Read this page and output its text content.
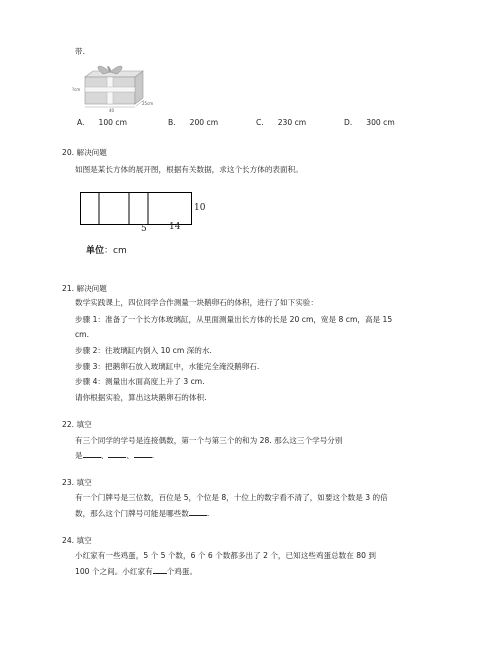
带.
?cm
40
25cm
A. 100 cm	B. 200 cm	C. 230 cm	D. 300 cm
20. 解决问题
如图是某长方体的展开图，根据有关数据，求这个长方体的表面积。
10
5 14
单位：cm
21. 解决问题
数学实践课上，四位同学合作测量一块鹅卵石的体积，进行了如下实验：
步骤 1：准备了一个长方体玻璃缸，从里面测量出长方体的长是 20 cm，宽是 8 cm，高是 15
cm.
步骤 2：往玻璃缸内倒入 10 cm 深的水.
步骤 3：把鹅卵石放入玻璃缸中，水能完全淹没鹅卵石.
步骤 4：测量出水面高度上升了 3 cm.
请你根据实验，算出这块鹅卵石的体积.
22. 填空
有三个同学的学号是连接偶数，第一个与第三个的和为 28. 那么这三个学号分别
是 、 、 .
23. 填空
有一个门牌号是三位数，百位是 5，个位是 8，十位上的数字看不清了，如要这个数是 3 的倍
数，那么这个门牌号可能是哪些数 .
24. 填空
小红家有一些鸡蛋，5 个 5 个数，6 个 6 个数都多出了 2 个，已知这些鸡蛋总数在 80 到
100 个之间。小红家有 个鸡蛋。
